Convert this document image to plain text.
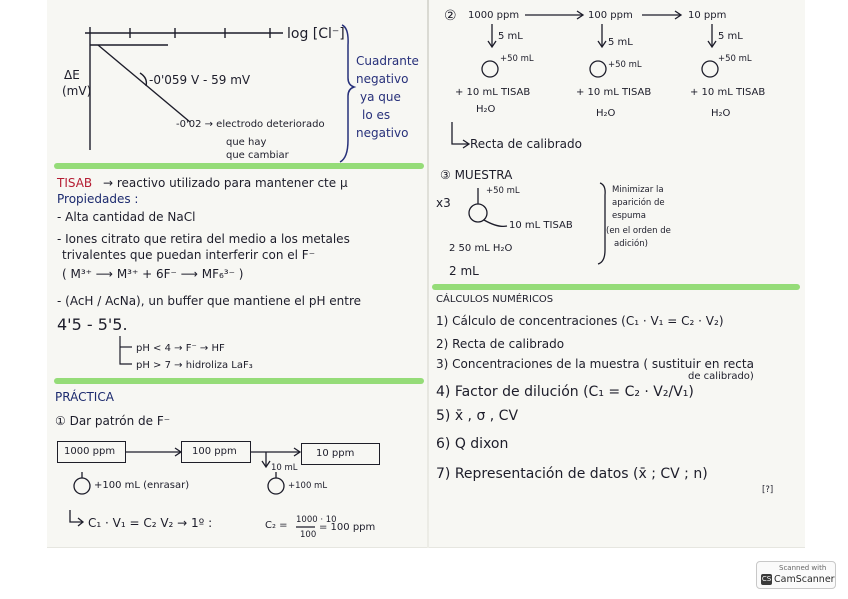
log [Cl⁻]
ΔE
(mV)
-0'059 V - 59 mV
-0'02 → electrodo deteriorado
que hay
que cambiar
Cuadrante
negativo
ya que
lo es
negativo
TISAB → reactivo utilizado para mantener cte μ
Propiedades :
- Alta cantidad de NaCl
- Iones citrato que retira del medio a los metales
trivalentes que puedan interferir con el F⁻
( M³⁺ ⟶ M³⁺ + 6F⁻ ⟶ MF₆³⁻ )
- (AcH / AcNa), un buffer que mantiene el pH entre
4'5 - 5'5.
pH < 4 → F⁻ → HF
pH > 7 → hidroliza LaF₃
PRÁCTICA
① Dar patrón de F⁻
1000 ppm	100 ppm	10 ppm
+100 mL (enrasar)
10 mL
+100 mL
C₁ · V₁ = C₂ V₂ → 1º :	C₂ = 1000 · 10
100
= 100 ppm
② 1000 ppm	100 ppm	10 ppm
5 mL
5 mL
5 mL
+50 mL
+50 mL
+50 mL
+ 10 mL TISAB	+ 10 mL TISAB	+ 10 mL TISAB
H₂O	H₂O	H₂O
Recta de calibrado
③ MUESTRA
x3
+50 mL
10 mL TISAB
2 50 mL H₂O
2 mL
Minimizar la
aparición de
espuma
(en el orden de
adición)
CÁLCULOS NUMÉRICOS
1) Cálculo de concentraciones (C₁ · V₁ = C₂ · V₂)
2) Recta de calibrado
3) Concentraciones de la muestra ( sustituir en recta
de calibrado)
4) Factor de dilución (C₁ = C₂ · V₂/V₁)
5) x̄ , σ , CV
6) Q dixon
7) Representación de datos (x̄ ; CV ; n)
[?]
Scanned with
CS CamScanner
